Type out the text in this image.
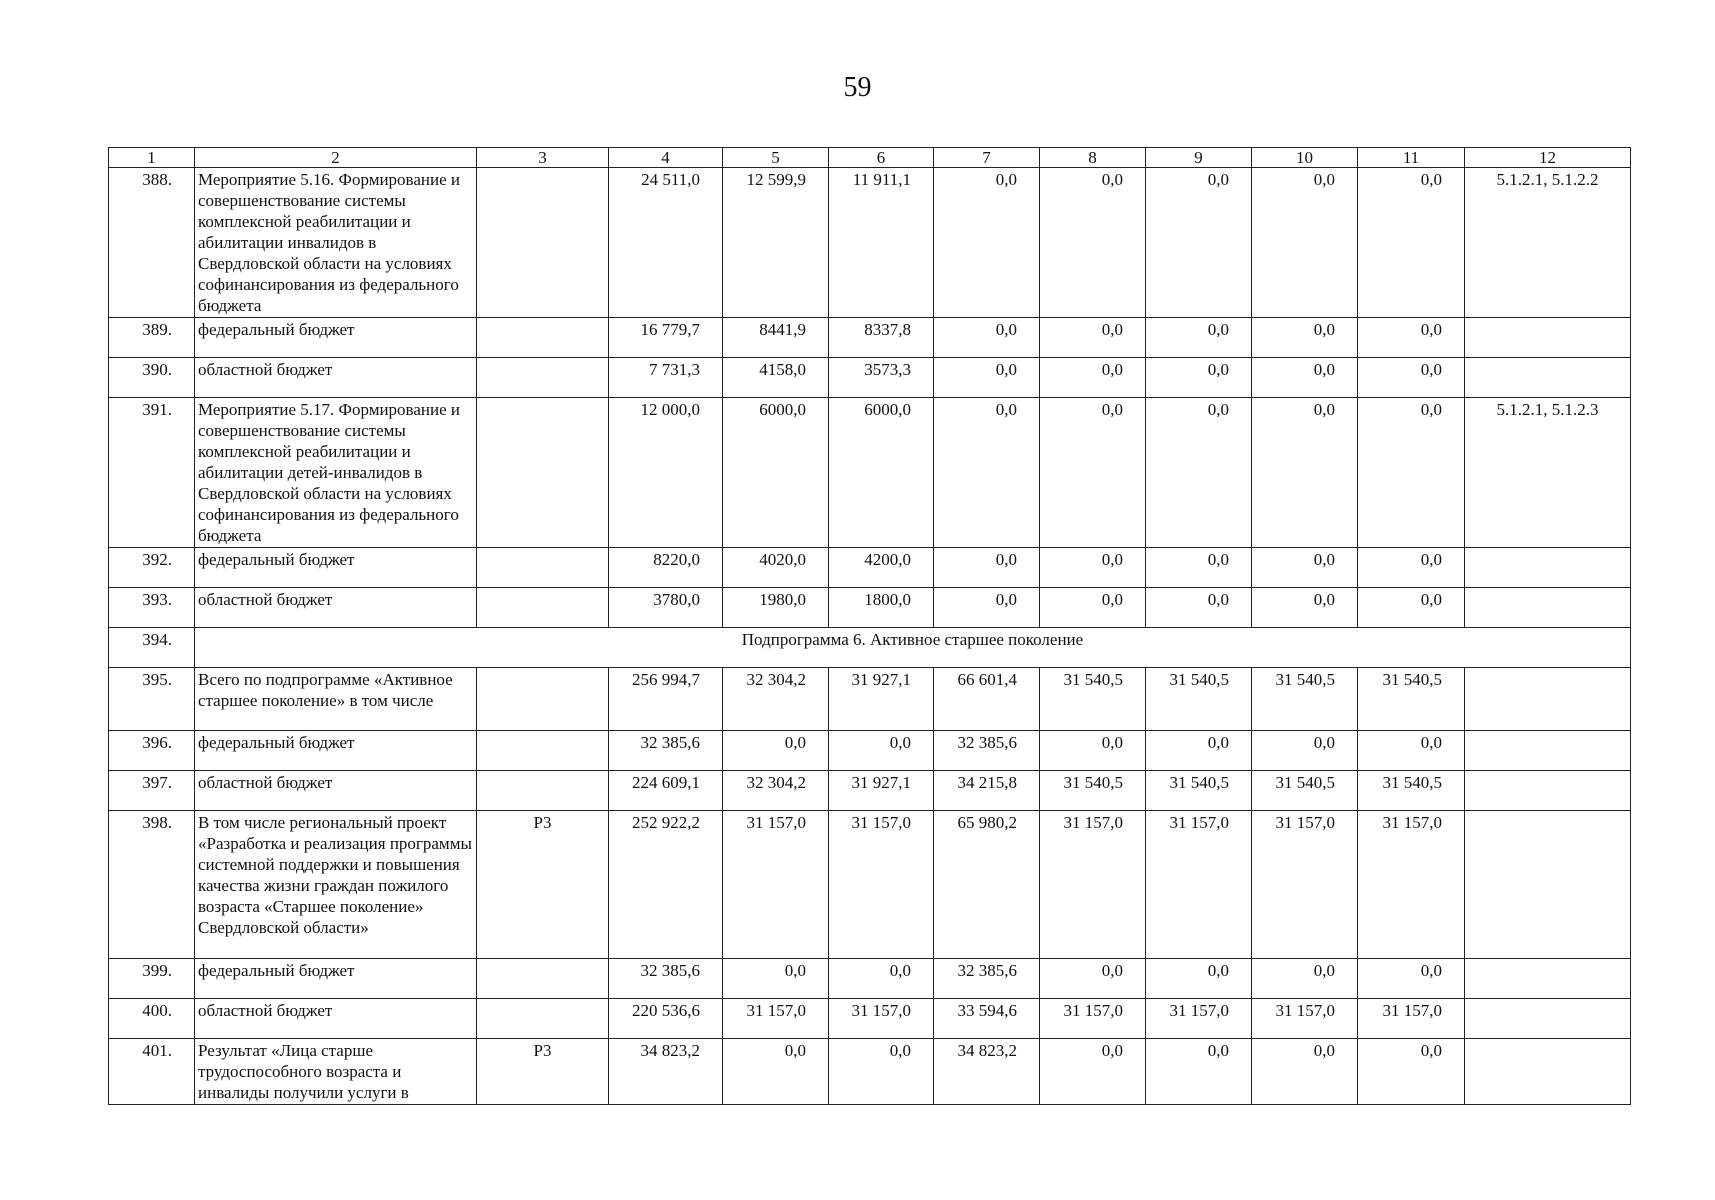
59
1	2	3	4	5	6	7	8	9	10	11	12
388.	Мероприятие 5.16. Формирование и совершенствование системы комплексной реабилитации и абилитации инвалидов в Свердловской области на условиях софинансирования из федерального бюджета		24 511,0	12 599,9	11 911,1	0,0	0,0	0,0	0,0	0,0	5.1.2.1, 5.1.2.2
389.	федеральный бюджет		16 779,7	8441,9	8337,8	0,0	0,0	0,0	0,0	0,0	
390.	областной бюджет		7 731,3	4158,0	3573,3	0,0	0,0	0,0	0,0	0,0	
391.	Мероприятие 5.17. Формирование и совершенствование системы комплексной реабилитации и абилитации детей-инвалидов в Свердловской области на условиях софинансирования из федерального бюджета		12 000,0	6000,0	6000,0	0,0	0,0	0,0	0,0	0,0	5.1.2.1, 5.1.2.3
392.	федеральный бюджет		8220,0	4020,0	4200,0	0,0	0,0	0,0	0,0	0,0	
393.	областной бюджет		3780,0	1980,0	1800,0	0,0	0,0	0,0	0,0	0,0	
394.	Подпрограмма 6. Активное старшее поколение										
395.	Всего по подпрограмме «Активное старшее поколение» в том числе		256 994,7	32 304,2	31 927,1	66 601,4	31 540,5	31 540,5	31 540,5	31 540,5	
396.	федеральный бюджет		32 385,6	0,0	0,0	32 385,6	0,0	0,0	0,0	0,0	
397.	областной бюджет		224 609,1	32 304,2	31 927,1	34 215,8	31 540,5	31 540,5	31 540,5	31 540,5	
398.	В том числе региональный проект «Разработка и реализация программы системной поддержки и повышения качества жизни граждан пожилого возраста «Старшее поколение» Свердловской области»	Р3	252 922,2	31 157,0	31 157,0	65 980,2	31 157,0	31 157,0	31 157,0	31 157,0	
399.	федеральный бюджет		32 385,6	0,0	0,0	32 385,6	0,0	0,0	0,0	0,0	
400.	областной бюджет		220 536,6	31 157,0	31 157,0	33 594,6	31 157,0	31 157,0	31 157,0	31 157,0	
401.	Результат «Лица старше трудоспособного возраста и инвалиды получили услуги в	Р3	34 823,2	0,0	0,0	34 823,2	0,0	0,0	0,0	0,0	
